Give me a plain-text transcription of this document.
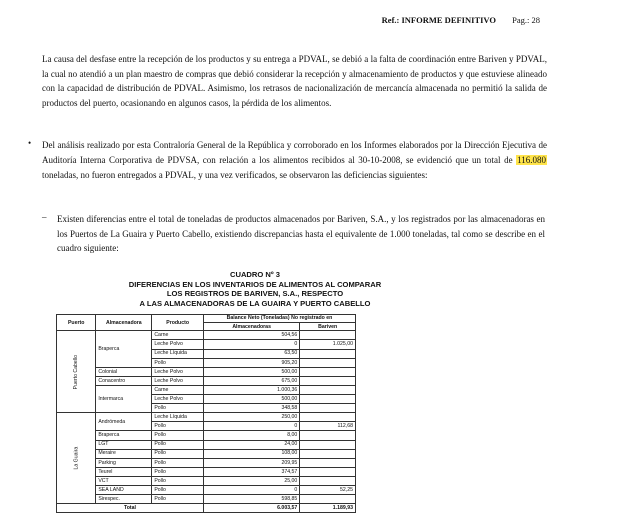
Ref.: INFORME DEFINITIVO Pag.: 28
La causa del desfase entre la recepción de los productos y su entrega a PDVAL, se debió a la falta de coordinación entre Bariven y PDVAL, la cual no atendió a un plan maestro de compras que debió considerar la recepción y almacenamiento de productos y que estuviese alineado con la capacidad de distribución de PDVAL. Asimismo, los retrasos de nacionalización de mercancía almacenada no permitió la salida de productos del puerto, ocasionando en algunos casos, la pérdida de los alimentos.
• Del análisis realizado por esta Contraloría General de la República y corroborado en los Informes elaborados por la Dirección Ejecutiva de Auditoría Interna Corporativa de PDVSA, con relación a los alimentos recibidos al 30-10-2008, se evidenció que un total de 116.080 toneladas, no fueron entregados a PDVAL, y una vez verificados, se observaron las deficiencias siguientes:
– Existen diferencias entre el total de toneladas de productos almacenados por Bariven, S.A., y los registrados por las almacenadoras en los Puertos de La Guaira y Puerto Cabello, existiendo discrepancias hasta el equivalente de 1.000 toneladas, tal como se describe en el cuadro siguiente:
CUADRO Nº 3
DIFERENCIAS EN LOS INVENTARIOS DE ALIMENTOS AL COMPARAR
LOS REGISTROS DE BARIVEN, S.A., RESPECTO
A LAS ALMACENADORAS DE LA GUAIRA Y PUERTO CABELLO
Puerto	Almacenadora	Producto	Balance Neto (Toneladas) No registrado en	
			Almacenadoras	Bariven
Puerto Cabello	Braperca	Carne	504,56	
		Leche Polvo	0	1.025,00
		Leche Líquida	63,50	
		Pollo	905,20	
	Colonial	Leche Polvo	500,00	
	Conacentro	Leche Polvo	675,00	
	Intermarca	Carne	1.000,36	
		Leche Polvo	500,00	
		Pollo	348,58	
La Guaira	Andrómeda	Leche Líquida	250,00	
		Pollo	0	112,68
	Braperca	Pollo	8,00	
	LGT	Pollo	24,00	
	Meraire	Pollo	108,00	
	Parking	Pollo	209,95	
	Teurel	Pollo	374,57	
	VCT	Pollo	25,00	
	SEA LAND	Pollo	0	52,25
	Sirespec.	Pollo	598,85	
Total			6.003,57	1.189,93
